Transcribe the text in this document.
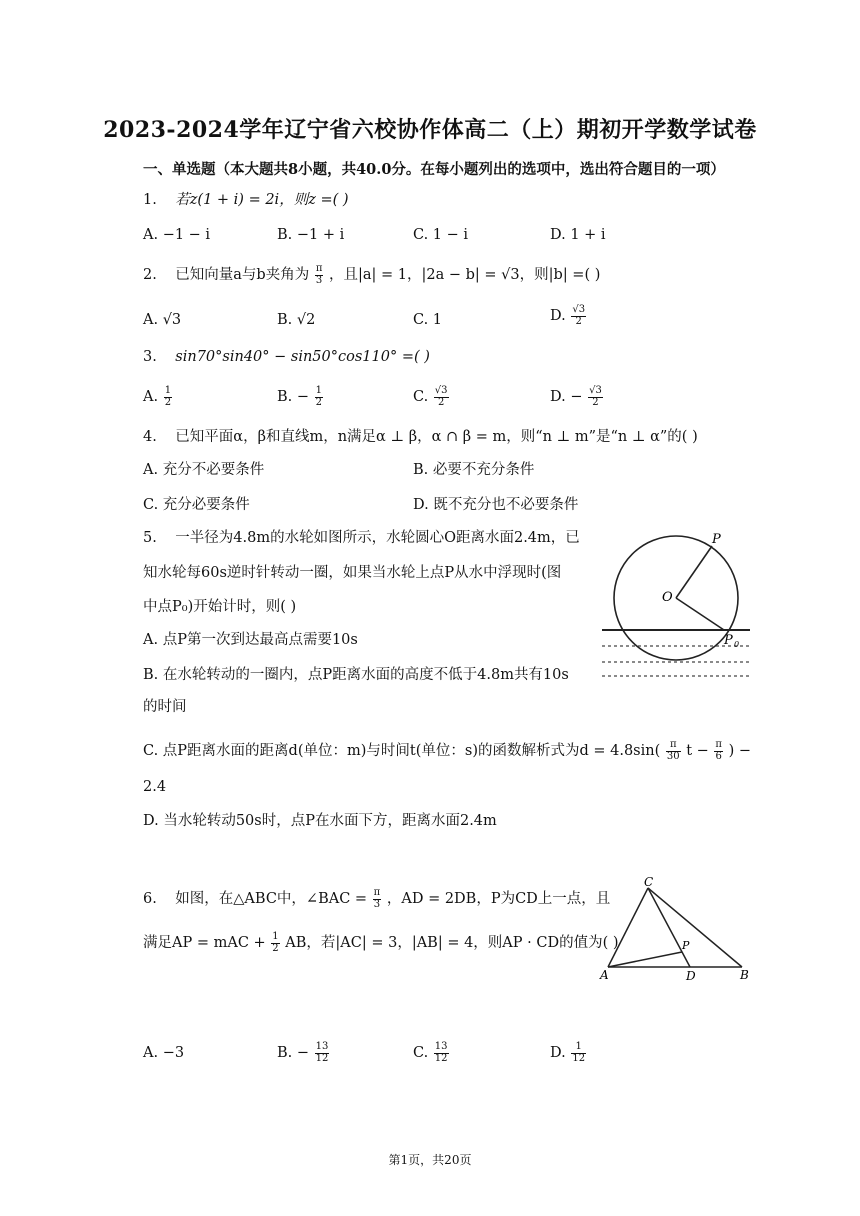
2023-2024学年辽宁省六校协作体高二（上）期初开学数学试卷
一、单选题（本大题共8小题，共40.0分。在每小题列出的选项中，选出符合题目的一项）
1. 若z(1 + i) = 2i，则z =( )
A. −1 − i	B. −1 + i	C. 1 − i	D. 1 + i
2. 已知向量a与b夹角为 $\frac{\pi}{3}$ ，且|a| = 1，|2a − b| = √3，则|b| =( )
A. √3	B. √2	C. 1	D. $\frac{√3}{2}$
3. sin70°sin40° − sin50°cos110° =( )
A. $\frac{1}{2}$	B. − $\frac{1}{2}$	C. $\frac{√3}{2}$	D. − $\frac{√3}{2}$
4. 已知平面α，β和直线m，n满足α ⊥ β，α ∩ β = m，则“n ⊥ m”是“n ⊥ α”的( )
A. 充分不必要条件	B. 必要不充分条件
C. 充分必要条件	D. 既不充分也不必要条件
5. 一半径为4.8m的水轮如图所示，水轮圆心O距离水面2.4m，已
知水轮每60s逆时针转动一圈，如果当水轮上点P从水中浮现时(图
中点P₀)开始计时，则( )
A. 点P第一次到达最高点需要10s
B. 在水轮转动的一圈内，点P距离水面的高度不低于4.8m共有10s
的时间
C. 点P距离水面的距离d(单位：m)与时间t(单位：s)的函数解析式为$d = 4.8\sin( \frac{\pi}{30}$ $t - \frac{\pi}{6}$ ) −
2.4
D. 当水轮转动50s时，点P在水面下方，距离水面2.4m
P
O
P 0
6. 如图，在△ABC中，∠BAC = $\frac{\pi}{3}$ ，AD = 2DB，P为CD上一点，且
满足AP = mAC + $\frac{1}{2}$ AB，若|AC| = 3，|AB| = 4，则AP · CD的值为( )
C
A	D	B
P
A. −3	B. − $\frac{13}{12}$	C. $\frac{13}{12}$	D. $\frac{1}{12}$
第1页，共20页
